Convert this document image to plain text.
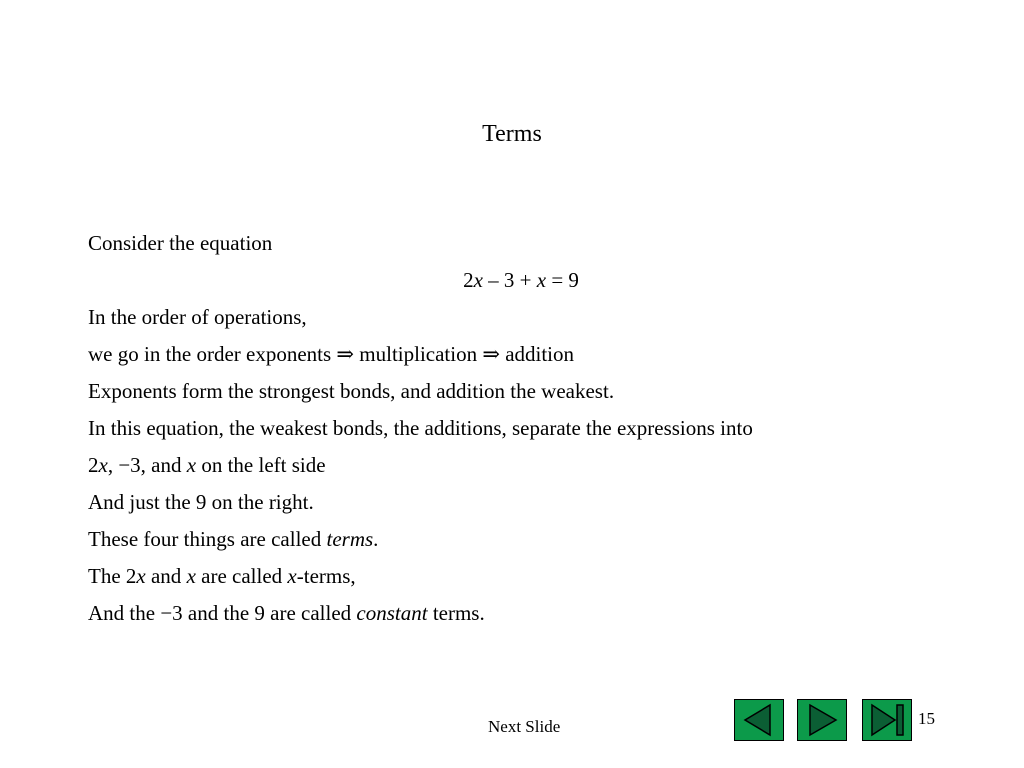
Terms
Consider the equation
2x – 3 + x = 9
In the order of operations,
we go in the order exponents ⇒ multiplication ⇒ addition
Exponents form the strongest bonds, and addition the weakest.
In this equation, the weakest bonds, the additions, separate the expressions into
2x, −3, and x on the left side
And just the 9 on the right.
These four things are called terms.
The 2x and x are called x-terms,
And the −3 and the 9 are called constant terms.
Next Slide	15
